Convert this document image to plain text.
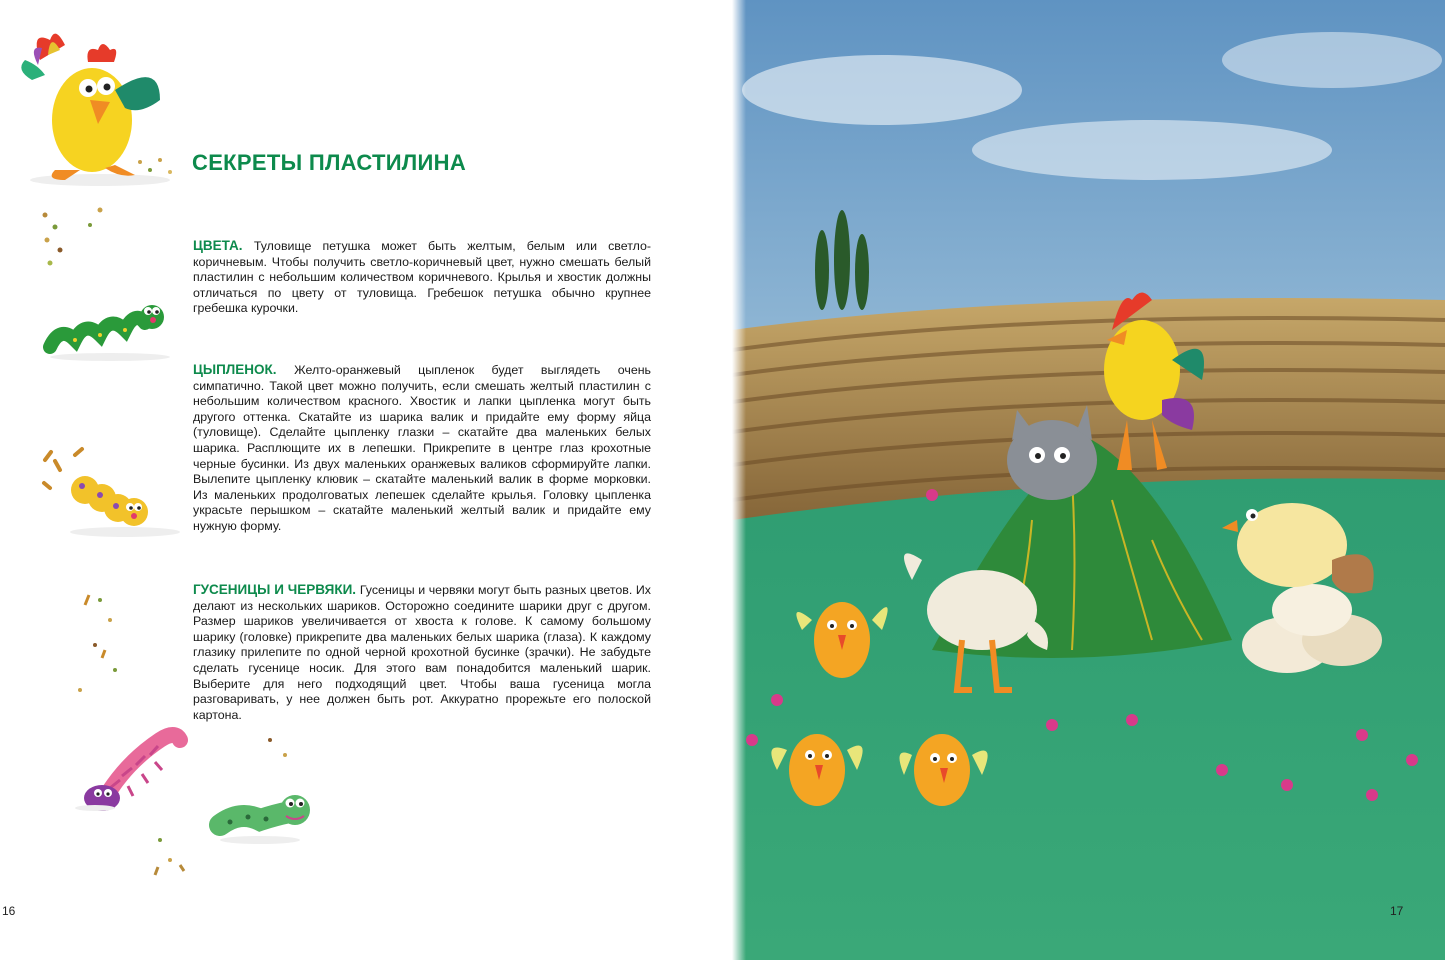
СЕКРЕТЫ ПЛАСТИЛИНА
ЦВЕТА. Туловище петушка может быть желтым, белым или светло-коричневым. Чтобы получить светло-коричневый цвет, нужно смешать белый пластилин с небольшим количеством коричневого. Крылья и хвостик должны отличаться по цвету от туловища. Гребешок петушка обычно крупнее гребешка курочки.
ЦЫПЛЕНОК. Желто-оранжевый цыпленок будет выглядеть очень симпатично. Такой цвет можно получить, если смешать желтый пластилин с небольшим количеством красного. Хвостик и лапки цыпленка могут быть другого оттенка. Скатайте из шарика валик и придайте ему форму яйца (туловище). Сделайте цыпленку глазки – скатайте два маленьких белых шарика. Расплющите их в лепешки. Прикрепите в центре глаз крохотные черные бусинки. Из двух маленьких оранжевых валиков сформируйте лапки. Вылепите цыпленку клювик – скатайте маленький валик в форме морковки. Из маленьких продолговатых лепешек сделайте крылья. Головку цыпленка украсьте перышком – скатайте маленький желтый валик и придайте ему нужную форму.
ГУСЕНИЦЫ И ЧЕРВЯКИ. Гусеницы и червяки могут быть разных цветов. Их делают из нескольких шариков. Осторожно соедините шарики друг с другом. Размер шариков увеличивается от хвоста к голове. К самому большому шарику (головке) прикрепите два маленьких белых шарика (глаза). К каждому глазику прилепите по одной черной крохотной бусинке (зрачки). Не забудьте сделать гусенице носик. Для этого вам понадобится маленький шарик. Выберите для него подходящий цвет. Чтобы ваша гусеница могла разговаривать, у нее должен быть рот. Аккуратно прорежьте его полоской картона.
16	17
